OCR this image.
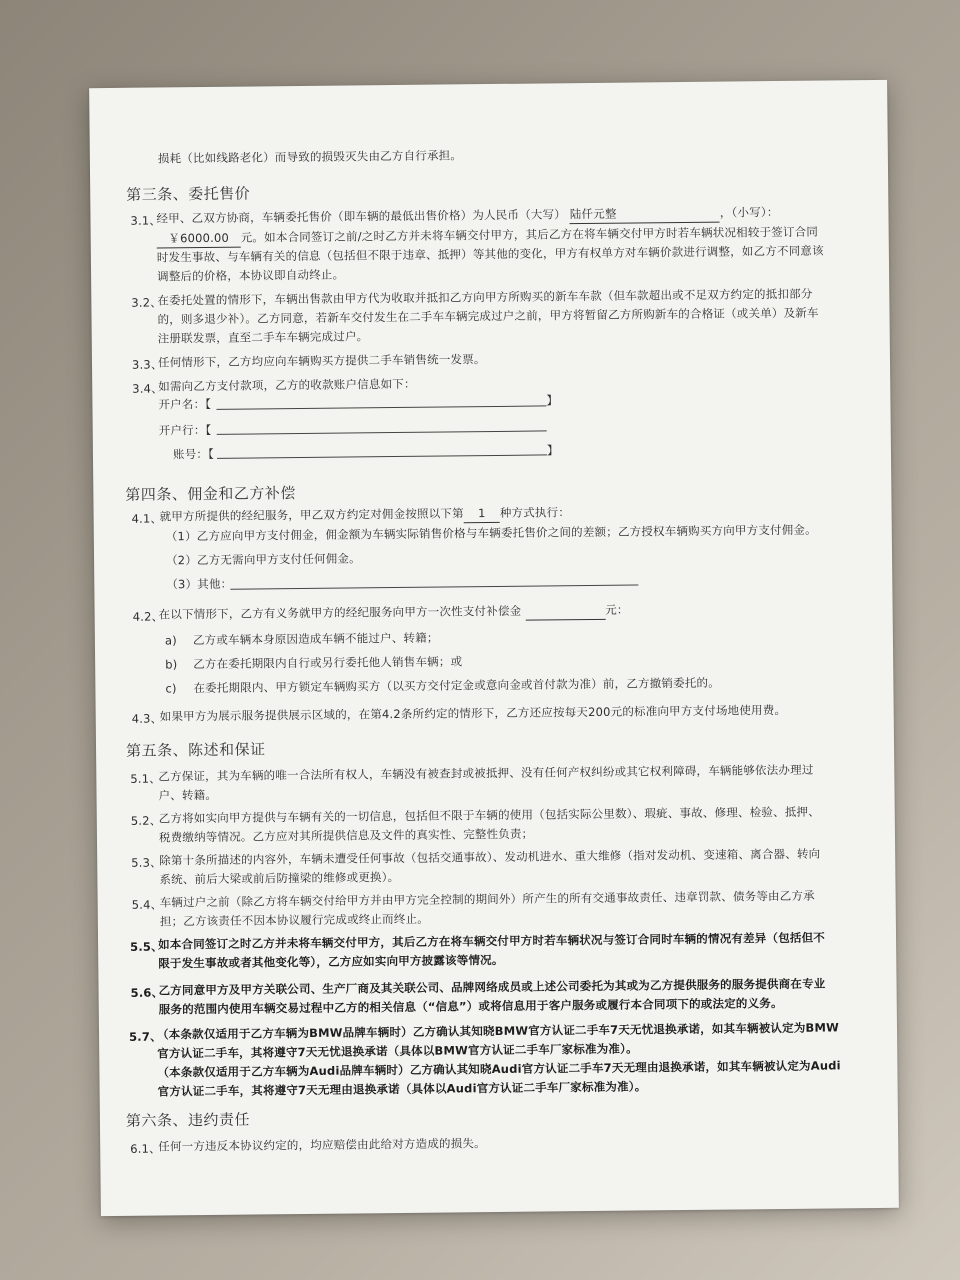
损耗（比如线路老化）而导致的损毁灭失由乙方自行承担。
第三条、委托售价
3.1、
经甲、乙双方协商，车辆委托售价（即车辆的最低出售价格）为人民币（大写） 陆仟元整	，（小写）：
￥6000.00 元。如本合同签订之前/之时乙方并未将车辆交付甲方，其后乙方在将车辆交付甲方时若车辆状况相较于签订合同
时发生事故、与车辆有关的信息（包括但不限于违章、抵押）等其他的变化，甲方有权单方对车辆价款进行调整，如乙方不同意该
调整后的价格，本协议即自动终止。
3.2、
在委托处置的情形下，车辆出售款由甲方代为收取并抵扣乙方向甲方所购买的新车车款（但车款超出或不足双方约定的抵扣部分
的，则多退少补）。乙方同意，若新车交付发生在二手车车辆完成过户之前，甲方将暂留乙方所购新车的合格证（或关单）及新车
注册联发票，直至二手车车辆完成过户。
3.3、
任何情形下，乙方均应向车辆购买方提供二手车销售统一发票。
3.4、
如需向乙方支付款项，乙方的收款账户信息如下：
开户名：【	】
开户行：【
账号：【	】
第四条、佣金和乙方补偿
4.1、
就甲方所提供的经纪服务，甲乙双方约定对佣金按照以下第 1 种方式执行：
（1）乙方应向甲方支付佣金，佣金额为车辆实际销售价格与车辆委托售价之间的差额；乙方授权车辆购买方向甲方支付佣金。
（2）乙方无需向甲方支付任何佣金。
（3）其他：
4.2、
在以下情形下，乙方有义务就甲方的经纪服务向甲方一次性支付补偿金	元：
a) 乙方或车辆本身原因造成车辆不能过户、转籍；
b) 乙方在委托期限内自行或另行委托他人销售车辆；或
c) 在委托期限内、甲方锁定车辆购买方（以买方交付定金或意向金或首付款为准）前，乙方撤销委托的。
4.3、
如果甲方为展示服务提供展示区域的，在第4.2条所约定的情形下，乙方还应按每天200元的标准向甲方支付场地使用费。
第五条、陈述和保证
5.1、
乙方保证，其为车辆的唯一合法所有权人，车辆没有被查封或被抵押、没有任何产权纠纷或其它权利障碍，车辆能够依法办理过
户、转籍。
5.2、
乙方将如实向甲方提供与车辆有关的一切信息，包括但不限于车辆的使用（包括实际公里数）、瑕疵、事故、修理、检验、抵押、
税费缴纳等情况。乙方应对其所提供信息及文件的真实性、完整性负责；
5.3、
除第十条所描述的内容外，车辆未遭受任何事故（包括交通事故）、发动机进水、重大维修（指对发动机、变速箱、离合器、转向
系统、前后大梁或前后防撞梁的维修或更换）。
5.4、
车辆过户之前（除乙方将车辆交付给甲方并由甲方完全控制的期间外）所产生的所有交通事故责任、违章罚款、债务等由乙方承
担；乙方该责任不因本协议履行完成或终止而终止。
5.5、
如本合同签订之时乙方并未将车辆交付甲方，其后乙方在将车辆交付甲方时若车辆状况与签订合同时车辆的情况有差异（包括但不
限于发生事故或者其他变化等），乙方应如实向甲方披露该等情况。
5.6、
乙方同意甲方及甲方关联公司、生产厂商及其关联公司、品牌网络成员或上述公司委托为其或为乙方提供服务的服务提供商在专业
服务的范围内使用车辆交易过程中乙方的相关信息（“信息”）或将信息用于客户服务或履行本合同项下的或法定的义务。
5.7、
（本条款仅适用于乙方车辆为BMW品牌车辆时）乙方确认其知晓BMW官方认证二手车7天无忧退换承诺，如其车辆被认定为BMW
官方认证二手车，其将遵守7天无忧退换承诺（具体以BMW官方认证二手车厂家标准为准）。
（本条款仅适用于乙方车辆为Audi品牌车辆时）乙方确认其知晓Audi官方认证二手车7天无理由退换承诺，如其车辆被认定为Audi
官方认证二手车，其将遵守7天无理由退换承诺（具体以Audi官方认证二手车厂家标准为准）。
第六条、违约责任
6.1、
任何一方违反本协议约定的，均应赔偿由此给对方造成的损失。
